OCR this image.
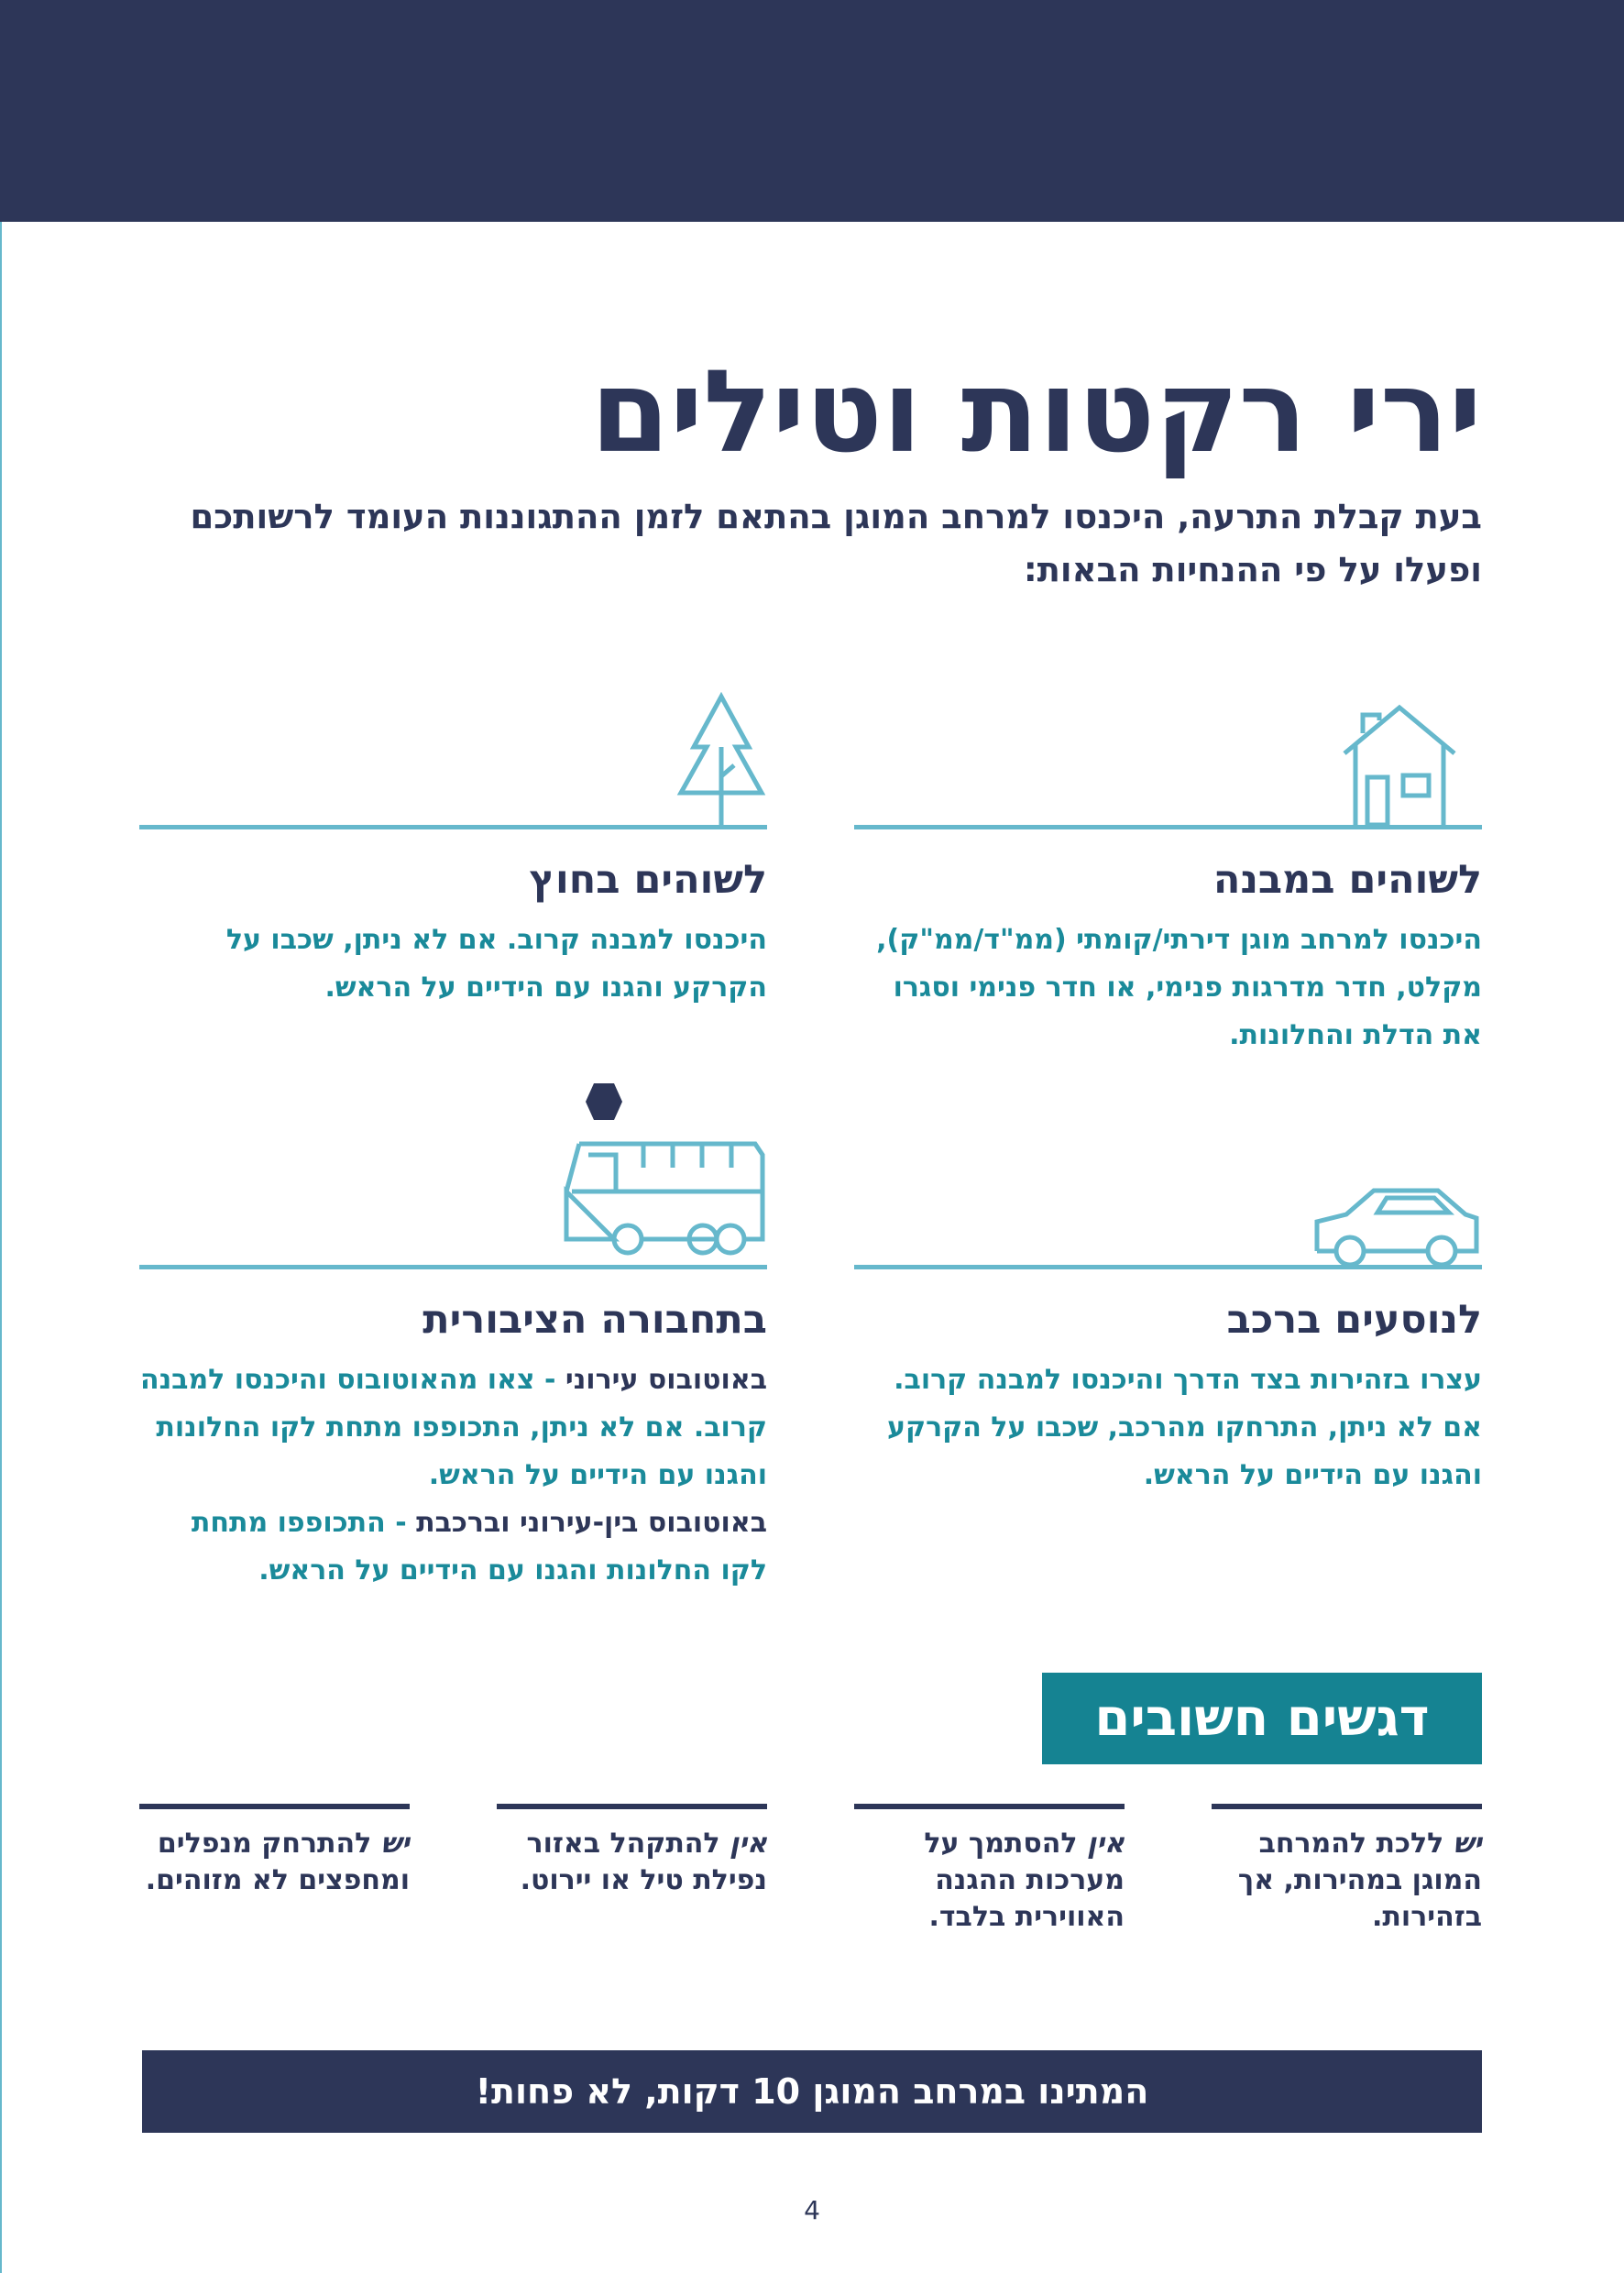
ירי רקטות וטילים
בעת קבלת התרעה, היכנסו למרחב המוגן בהתאם לזמן ההתגוננות העומד לרשותכם ופעלו על פי ההנחיות הבאות:
לשוהים במבנה
היכנסו למרחב מוגן דירתי/קומתי (ממ"ד/ממ"ק), מקלט, חדר מדרגות פנימי, או חדר פנימי וסגרו את הדלת והחלונות.
לשוהים בחוץ
היכנסו למבנה קרוב. אם לא ניתן, שכבו על הקרקע והגנו עם הידיים על הראש.
לנוסעים ברכב
עצרו בזהירות בצד הדרך והיכנסו למבנה קרוב. אם לא ניתן, התרחקו מהרכב, שכבו על הקרקע והגנו עם הידיים על הראש.
בתחבורה הציבורית
באוטובוס עירוני - צאו מהאוטובוס והיכנסו למבנה קרוב. אם לא ניתן, התכופפו מתחת לקו החלונות והגנו עם הידיים על הראש.
באוטובוס בין-עירוני וברכבת - התכופפו מתחת לקו החלונות והגנו עם הידיים על הראש.
דגשים חשובים
יש ללכת להמרחב המוגן במהירות, אך בזהירות.
אין להסתמך על מערכות ההגנה האווירית בלבד.
אין להתקהל באזור נפילת טיל או יירוט.
יש להתרחק מנפלים ומחפצים לא מזוהים.
המתינו במרחב המוגן 10 דקות, לא פחות!
4
